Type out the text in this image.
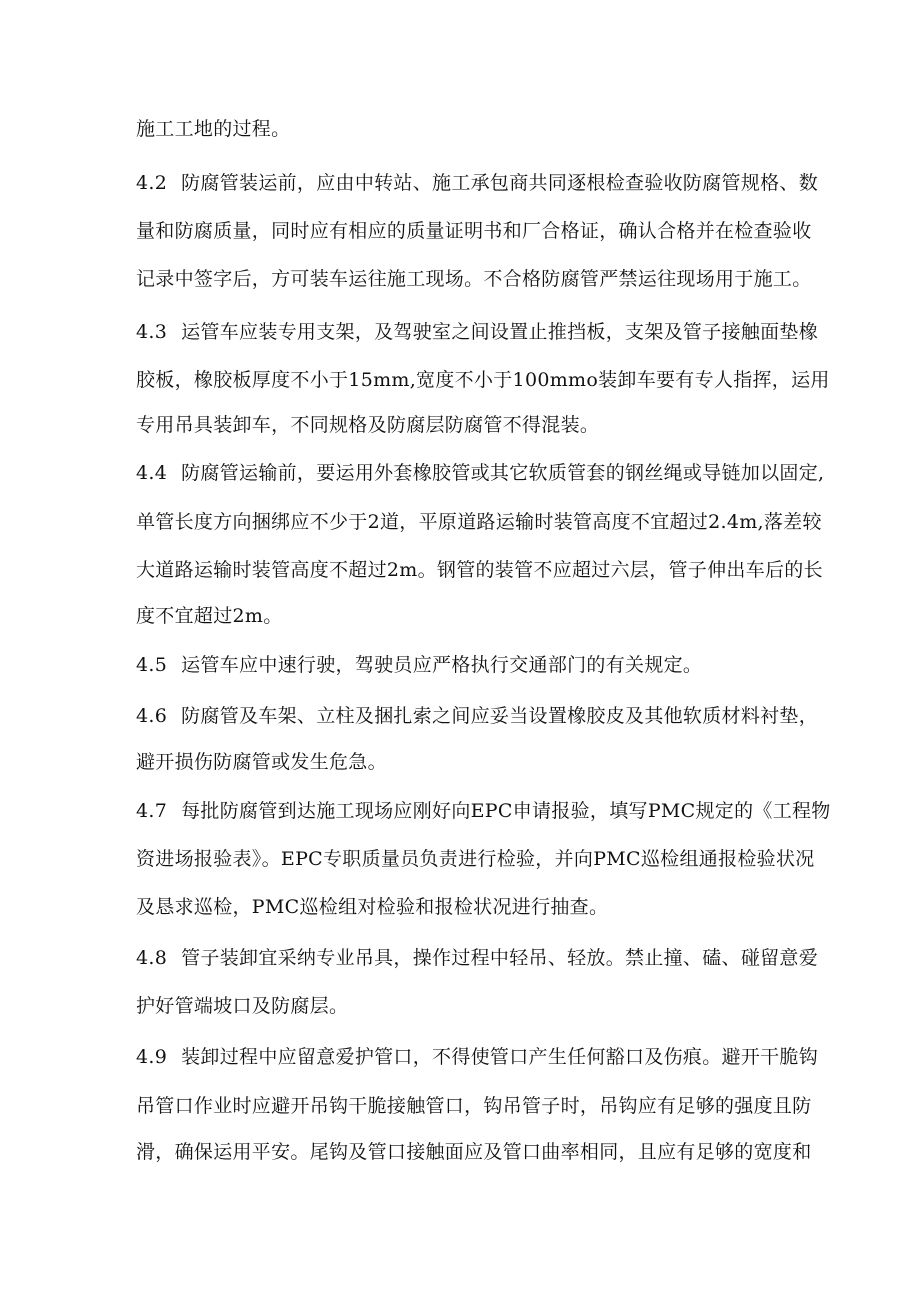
施工工地的过程。
4.2 防腐管装运前，应由中转站、施工承包商共同逐根检查验收防腐管规格、数
量和防腐质量，同时应有相应的质量证明书和厂合格证，确认合格并在检查验收
记录中签字后，方可装车运往施工现场。不合格防腐管严禁运往现场用于施工。
4.3 运管车应装专用支架，及驾驶室之间设置止推挡板，支架及管子接触面垫橡
胶板，橡胶板厚度不小于15mm,宽度不小于100mmo装卸车要有专人指挥，运用
专用吊具装卸车，不同规格及防腐层防腐管不得混装。
4.4 防腐管运输前，要运用外套橡胶管或其它软质管套的钢丝绳或导链加以固定,
单管长度方向捆绑应不少于2道，平原道路运输时装管高度不宜超过2.4m,落差较
大道路运输时装管高度不超过2m。钢管的装管不应超过六层，管子伸出车后的长
度不宜超过2m。
4.5 运管车应中速行驶，驾驶员应严格执行交通部门的有关规定。
4.6 防腐管及车架、立柱及捆扎索之间应妥当设置橡胶皮及其他软质材料衬垫，
避开损伤防腐管或发生危急。
4.7 每批防腐管到达施工现场应刚好向EPC申请报验，填写PMC规定的《工程物
资进场报验表》。EPC专职质量员负责进行检验，并向PMC巡检组通报检验状况
及恳求巡检，PMC巡检组对检验和报检状况进行抽查。
4.8 管子装卸宜采纳专业吊具，操作过程中轻吊、轻放。禁止撞、磕、碰留意爱
护好管端坡口及防腐层。
4.9 装卸过程中应留意爱护管口，不得使管口产生任何豁口及伤痕。避开干脆钩
吊管口作业时应避开吊钩干脆接触管口，钩吊管子时，吊钩应有足够的强度且防
滑，确保运用平安。尾钩及管口接触面应及管口曲率相同，且应有足够的宽度和
